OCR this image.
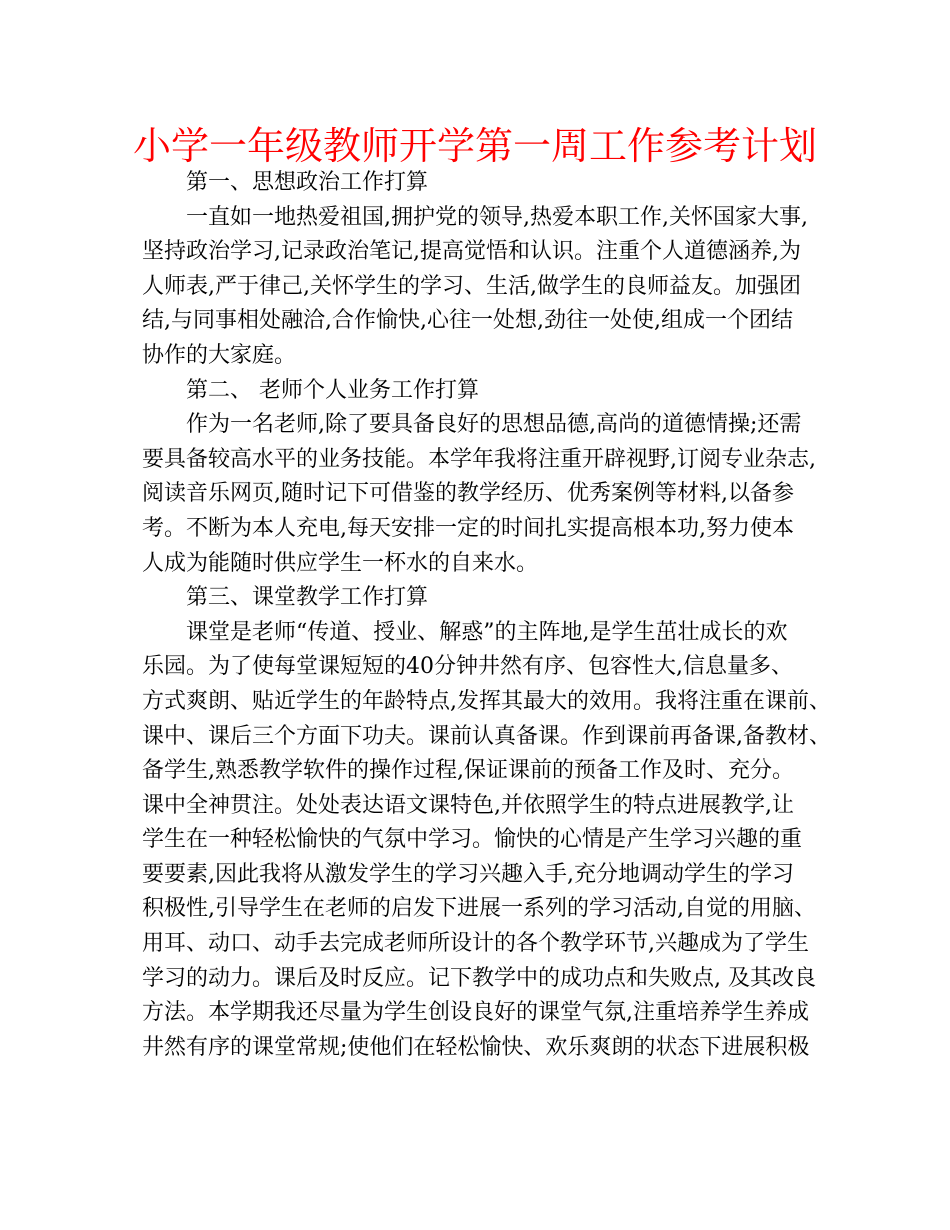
小学一年级教师开学第一周工作参考计划
第一、思想政治工作打算
一直如一地热爱祖国,拥护党的领导,热爱本职工作,关怀国家大事,
坚持政治学习,记录政治笔记,提高觉悟和认识。注重个人道德涵养,为
人师表,严于律己,关怀学生的学习、生活,做学生的良师益友。加强团
结,与同事相处融洽,合作愉快,心往一处想,劲往一处使,组成一个团结
协作的大家庭。
第二、 老师个人业务工作打算
作为一名老师,除了要具备良好的思想品德,高尚的道德情操;还需
要具备较高水平的业务技能。本学年我将注重开辟视野,订阅专业杂志,
阅读音乐网页,随时记下可借鉴的教学经历、优秀案例等材料,以备参
考。不断为本人充电,每天安排一定的时间扎实提高根本功,努力使本
人成为能随时供应学生一杯水的自来水。
第三、课堂教学工作打算
课堂是老师“传道、授业、解惑”的主阵地,是学生茁壮成长的欢
乐园。为了使每堂课短短的40分钟井然有序、包容性大,信息量多、
方式爽朗、贴近学生的年龄特点,发挥其最大的效用。我将注重在课前、
课中、课后三个方面下功夫。课前认真备课。作到课前再备课,备教材、
备学生,熟悉教学软件的操作过程,保证课前的预备工作及时、充分。
课中全神贯注。处处表达语文课特色,并依照学生的特点进展教学,让
学生在一种轻松愉快的气氛中学习。愉快的心情是产生学习兴趣的重
要要素,因此我将从激发学生的学习兴趣入手,充分地调动学生的学习
积极性,引导学生在老师的启发下进展一系列的学习活动,自觉的用脑、
用耳、动口、动手去完成老师所设计的各个教学环节,兴趣成为了学生
学习的动力。课后及时反应。记下教学中的成功点和失败点, 及其改良
方法。本学期我还尽量为学生创设良好的课堂气氛,注重培养学生养成
井然有序的课堂常规;使他们在轻松愉快、欢乐爽朗的状态下进展积极
